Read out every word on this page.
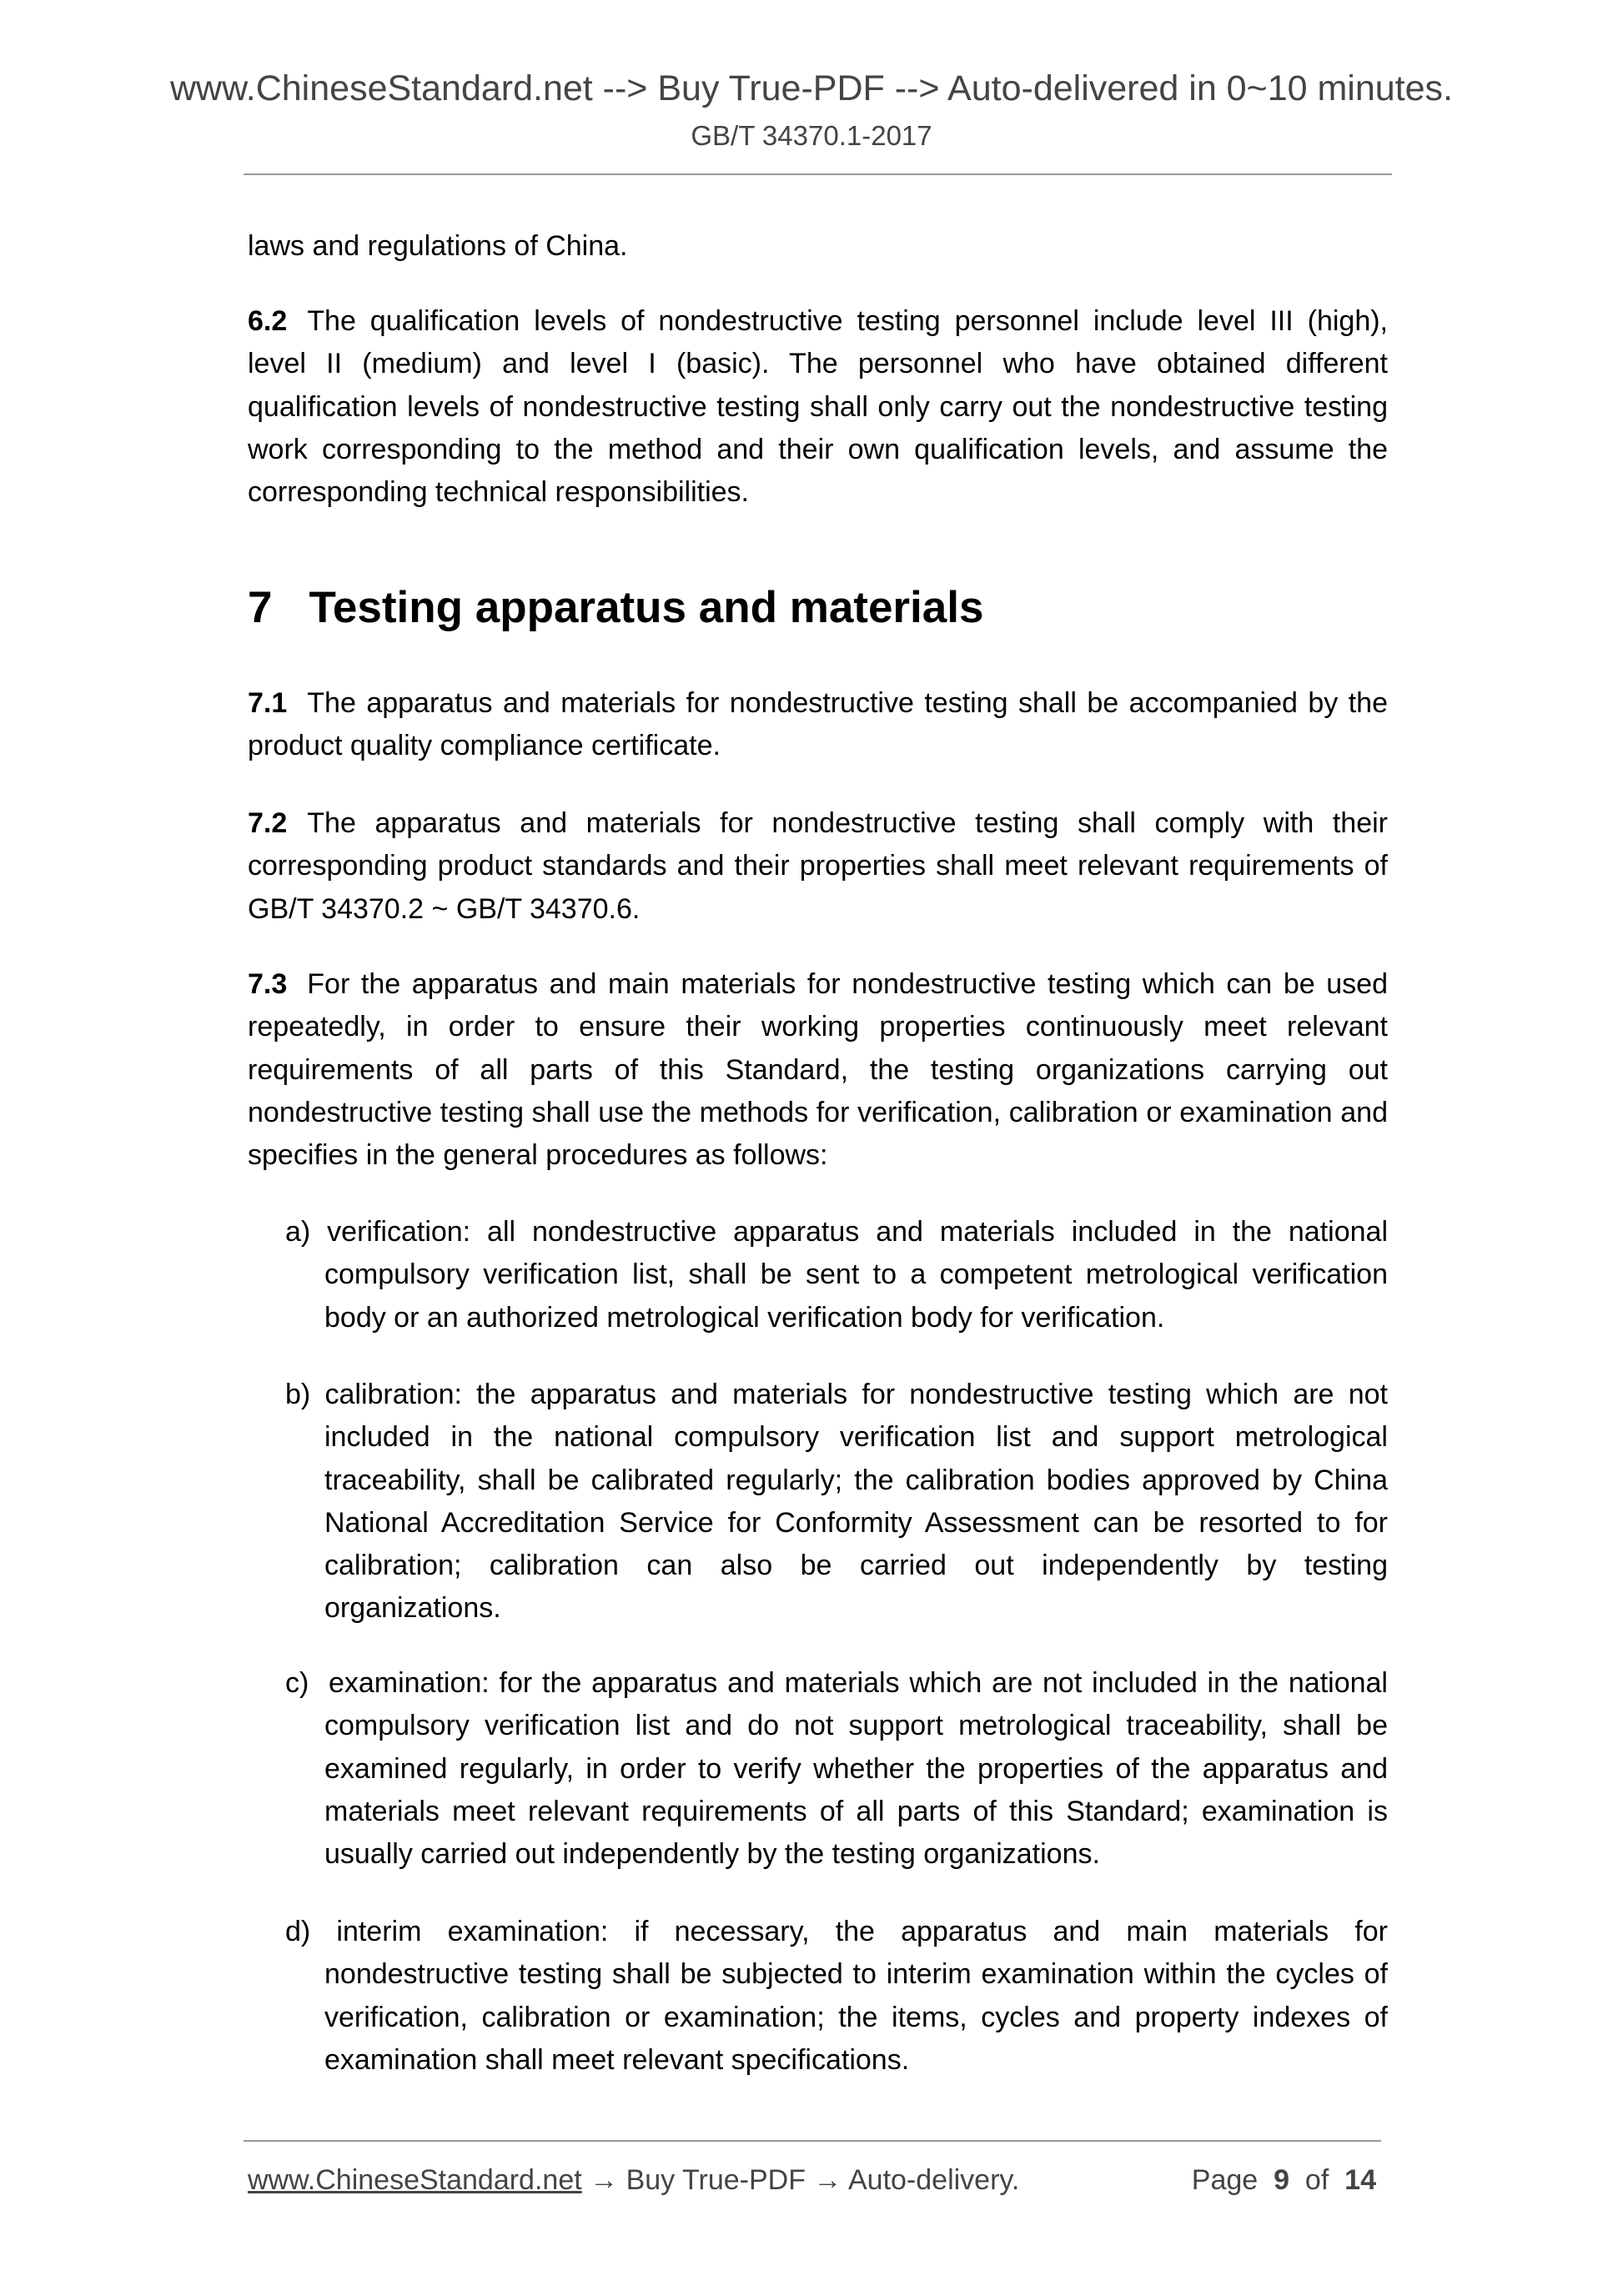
www.ChineseStandard.net --> Buy True-PDF --> Auto-delivered in 0~10 minutes.
GB/T 34370.1-2017
laws and regulations of China.
6.2 The qualification levels of nondestructive testing personnel include level III (high), level II (medium) and level I (basic). The personnel who have obtained different qualification levels of nondestructive testing shall only carry out the nondestructive testing work corresponding to the method and their own qualification levels, and assume the corresponding technical responsibilities.
7 Testing apparatus and materials
7.1 The apparatus and materials for nondestructive testing shall be accompanied by the product quality compliance certificate.
7.2 The apparatus and materials for nondestructive testing shall comply with their corresponding product standards and their properties shall meet relevant requirements of GB/T 34370.2 ~ GB/T 34370.6.
7.3 For the apparatus and main materials for nondestructive testing which can be used repeatedly, in order to ensure their working properties continuously meet relevant requirements of all parts of this Standard, the testing organizations carrying out nondestructive testing shall use the methods for verification, calibration or examination and specifies in the general procedures as follows:
a) verification: all nondestructive apparatus and materials included in the national compulsory verification list, shall be sent to a competent metrological verification body or an authorized metrological verification body for verification.
b) calibration: the apparatus and materials for nondestructive testing which are not included in the national compulsory verification list and support metrological traceability, shall be calibrated regularly; the calibration bodies approved by China National Accreditation Service for Conformity Assessment can be resorted to for calibration; calibration can also be carried out independently by testing organizations.
c) examination: for the apparatus and materials which are not included in the national compulsory verification list and do not support metrological traceability, shall be examined regularly, in order to verify whether the properties of the apparatus and materials meet relevant requirements of all parts of this Standard; examination is usually carried out independently by the testing organizations.
d) interim examination: if necessary, the apparatus and main materials for nondestructive testing shall be subjected to interim examination within the cycles of verification, calibration or examination; the items, cycles and property indexes of examination shall meet relevant specifications.
www.ChineseStandard.net → Buy True-PDF → Auto-delivery.	Page 9 of 14
